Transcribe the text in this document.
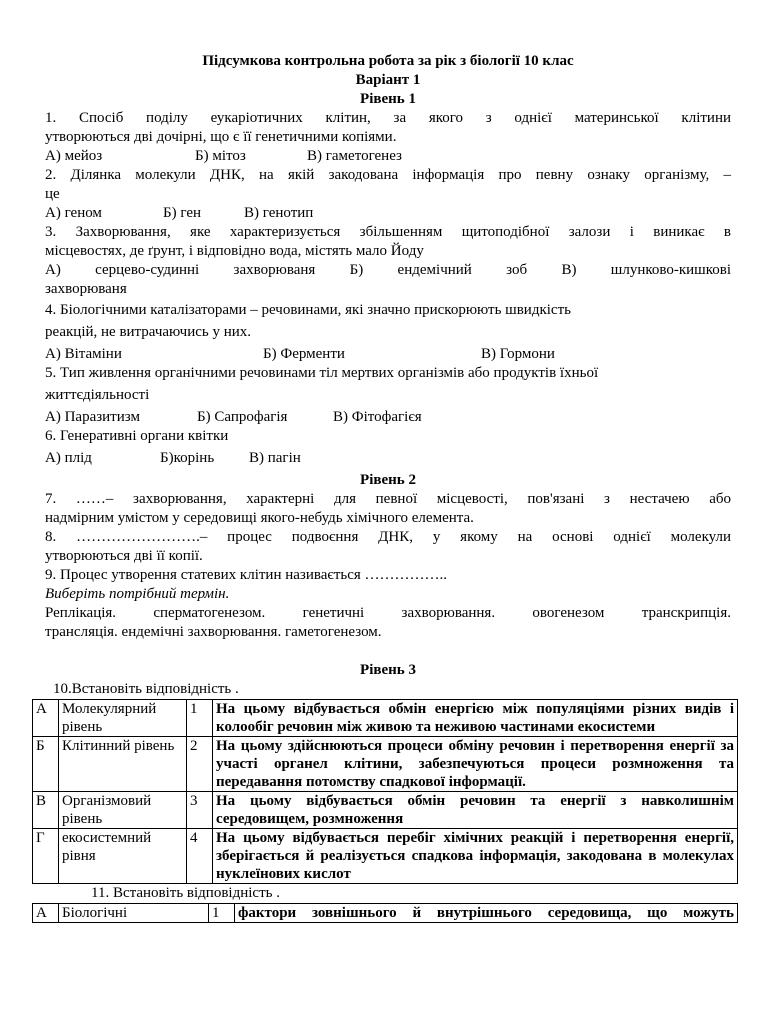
Підсумкова контрольна робота за рік з біології 10 клас

Варіант 1

Рівень 1

1. Спосіб поділу еукаріотичних клітин, за якого з однієї материнської клітини

утворюються дві дочірні, що є її генетичними копіями.

А) мейоз	Б) мітоз	В) гаметогенез

2. Ділянка молекули ДНК, на якій закодована інформація про певну ознаку організму, –

це

А) геном	Б) ген	В) генотип

3. Захворювання, яке характеризується збільшенням щитоподібної залози і виникає в

місцевостях, де ґрунт, і відповідно вода, містять мало Йоду

А) серцево-судинні захворюваня Б) ендемічний зоб В) шлунково-кишкові

захворюваня

4. Біологічними каталізаторами – речовинами, які значно прискорюють швидкість

реакцій, не витрачаючись у них.

А) Вітаміни	Б) Ферменти	В) Гормони

5. Тип живлення органічними речовинами тіл мертвих організмів або продуктів їхньої

життєдіяльності

А) Паразитизм	Б) Сапрофагія	В) Фітофагієя

6. Генеративні органи квітки

А) плід	Б)корінь	В) пагін

Рівень 2

7. ……– захворювання, характерні для певної місцевості, пов'язані з нестачею або

надмірним умістом у середовищі якого-небудь хімічного елемента.

8. …………………….– процес подвоєння ДНК, у якому на основі однієї молекули

утворюються дві її копії.

9. Процес утворення статевих клітин називається ……………..

Виберіть потрібний термін.

Реплікація. сперматогенезом. генетичні захворювання. овогенезом транскрипція.

трансляція. ендемічні захворювання. гаметогенезом.

Рівень 3

10.Встановіть відповідність .

А	Молекулярний рівень	1	На цьому відбувається обмін енергією між популяціями різних видів і колообіг речовин між живою та неживою частинами екосистеми
Б	Клітинний рівень	2	На цьому здійснюються процеси обміну речовин і перетворення енергії за участі органел клітини, забезпечуються процеси розмноження та передавання потомству спадкової інформації.
В	Організмовий рівень	3	На цьому відбувається обмін речовин та енергії з навколишнім середовищем, розмноження
Г	екосистемний рівня	4	На цьому відбувається перебіг хімічних реакцій і перетворення енергії, зберігається й реалізується спадкова інформація, закодована в молекулах нуклеїнових кислот

11. Встановіть відповідність .

А	Біологічні	1	фактори зовнішнього й внутрішнього середовища, що можуть
